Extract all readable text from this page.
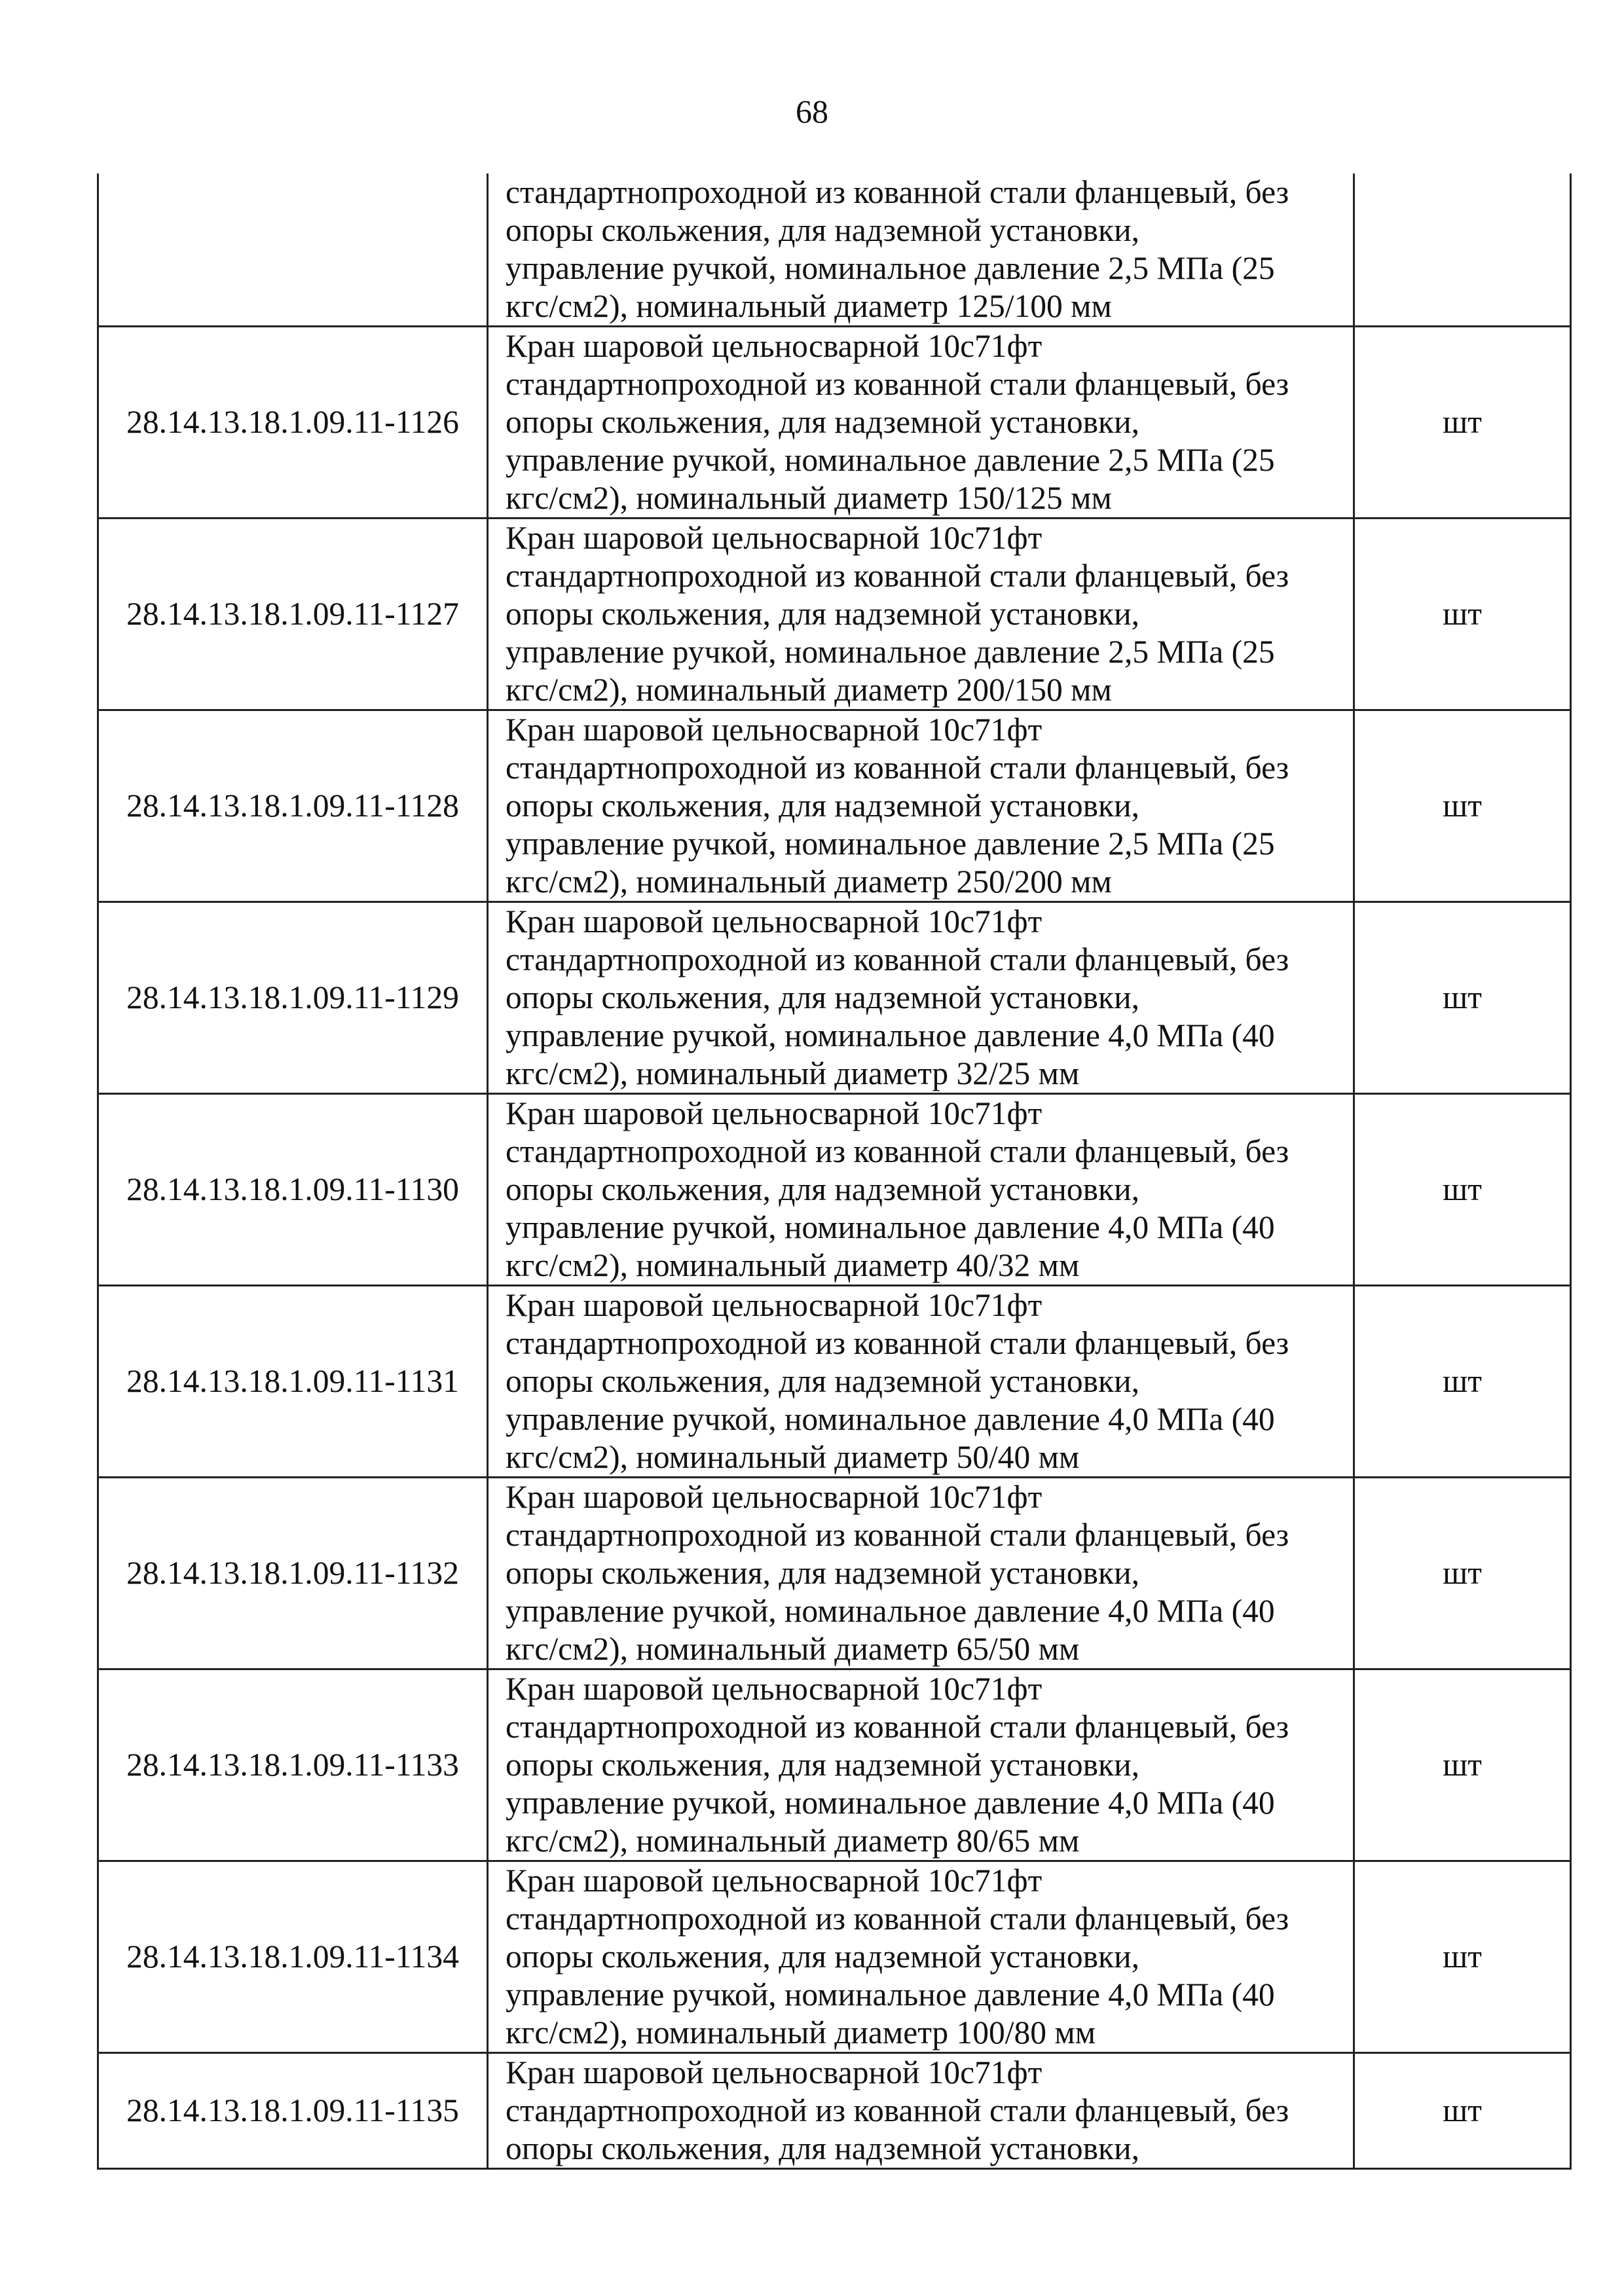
68

	стандартнопроходной из кованной стали фланцевый, без
опоры скольжения, для надземной установки,
управление ручкой, номинальное давление 2,5 МПа (25
кгс/см2), номинальный диаметр 125/100 мм	

28.14.13.18.1.09.11-1126	Кран шаровой цельносварной 10с71фт
стандартнопроходной из кованной стали фланцевый, без
опоры скольжения, для надземной установки,
управление ручкой, номинальное давление 2,5 МПа (25
кгс/см2), номинальный диаметр 150/125 мм	шт
28.14.13.18.1.09.11-1127	Кран шаровой цельносварной 10с71фт
стандартнопроходной из кованной стали фланцевый, без
опоры скольжения, для надземной установки,
управление ручкой, номинальное давление 2,5 МПа (25
кгс/см2), номинальный диаметр 200/150 мм	шт
28.14.13.18.1.09.11-1128	Кран шаровой цельносварной 10с71фт
стандартнопроходной из кованной стали фланцевый, без
опоры скольжения, для надземной установки,
управление ручкой, номинальное давление 2,5 МПа (25
кгс/см2), номинальный диаметр 250/200 мм	шт
28.14.13.18.1.09.11-1129	Кран шаровой цельносварной 10с71фт
стандартнопроходной из кованной стали фланцевый, без
опоры скольжения, для надземной установки,
управление ручкой, номинальное давление 4,0 МПа (40
кгс/см2), номинальный диаметр 32/25 мм	шт
28.14.13.18.1.09.11-1130	Кран шаровой цельносварной 10с71фт
стандартнопроходной из кованной стали фланцевый, без
опоры скольжения, для надземной установки,
управление ручкой, номинальное давление 4,0 МПа (40
кгс/см2), номинальный диаметр 40/32 мм	шт
28.14.13.18.1.09.11-1131	Кран шаровой цельносварной 10с71фт
стандартнопроходной из кованной стали фланцевый, без
опоры скольжения, для надземной установки,
управление ручкой, номинальное давление 4,0 МПа (40
кгс/см2), номинальный диаметр 50/40 мм	шт
28.14.13.18.1.09.11-1132	Кран шаровой цельносварной 10с71фт
стандартнопроходной из кованной стали фланцевый, без
опоры скольжения, для надземной установки,
управление ручкой, номинальное давление 4,0 МПа (40
кгс/см2), номинальный диаметр 65/50 мм	шт
28.14.13.18.1.09.11-1133	Кран шаровой цельносварной 10с71фт
стандартнопроходной из кованной стали фланцевый, без
опоры скольжения, для надземной установки,
управление ручкой, номинальное давление 4,0 МПа (40
кгс/см2), номинальный диаметр 80/65 мм	шт
28.14.13.18.1.09.11-1134	Кран шаровой цельносварной 10с71фт
стандартнопроходной из кованной стали фланцевый, без
опоры скольжения, для надземной установки,
управление ручкой, номинальное давление 4,0 МПа (40
кгс/см2), номинальный диаметр 100/80 мм	шт
28.14.13.18.1.09.11-1135	Кран шаровой цельносварной 10с71фт
стандартнопроходной из кованной стали фланцевый, без
опоры скольжения, для надземной установки,	шт
